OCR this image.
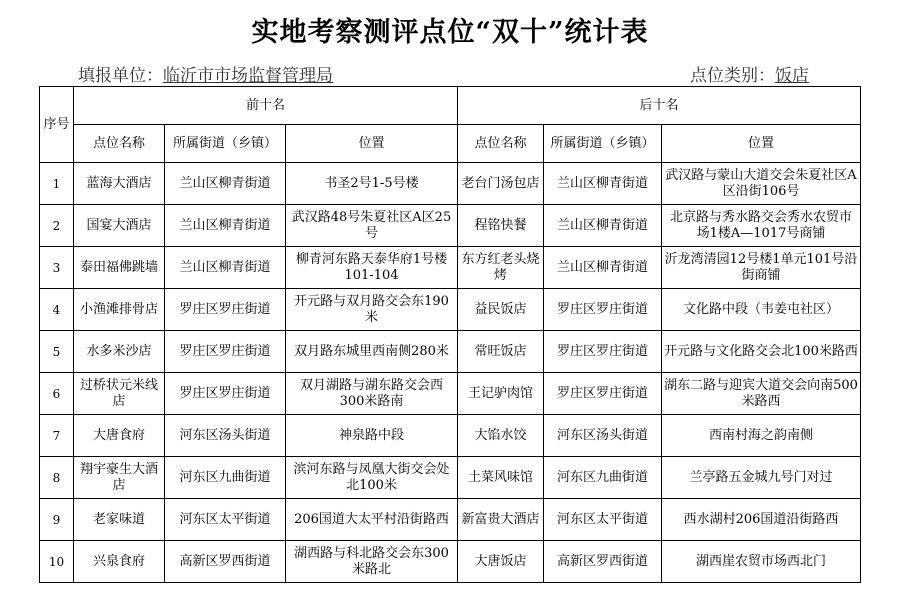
实地考察测评点位“双十”统计表
填报单位：临沂市市场监督管理局	点位类别：饭店
序号	前十名			后十名		
	点位名称	所属街道（乡镇）	位置	点位名称	所属街道（乡镇）	位置
1	蓝海大酒店	兰山区柳青街道	书圣2号1-5号楼	老台门汤包店	兰山区柳青街道	武汉路与蒙山大道交会朱夏社区A区沿街106号
2	国宴大酒店	兰山区柳青街道	武汉路48号朱夏社区A区25号	程铭快餐	兰山区柳青街道	北京路与秀水路交会秀水农贸市场1楼A—1017号商铺
3	泰田福佛跳墙	兰山区柳青街道	柳青河东路天泰华府1号楼101-104	东方红老头烧烤	兰山区柳青街道	沂龙湾清园12号楼1单元101号沿街商铺
4	小渔滩排骨店	罗庄区罗庄街道	开元路与双月路交会东190米	益民饭店	罗庄区罗庄街道	文化路中段（韦姜屯社区）
5	水多米沙店	罗庄区罗庄街道	双月路东城里西南侧280米	常旺饭店	罗庄区罗庄街道	开元路与文化路交会北100米路西
6	过桥状元米线店	罗庄区罗庄街道	双月湖路与湖东路交会西300米路南	王记驴肉馆	罗庄区罗庄街道	湖东二路与迎宾大道交会向南500米路西
7	大唐食府	河东区汤头街道	神泉路中段	大馅水饺	河东区汤头街道	西南村海之韵南侧
8	翔宇豪生大酒店	河东区九曲街道	滨河东路与凤凰大街交会处北100米	土菜风味馆	河东区九曲街道	兰亭路五金城九号门对过
9	老家味道	河东区太平街道	206国道大太平村沿街路西	新富贵大酒店	河东区太平街道	西水湖村206国道沿街路西
10	兴泉食府	高新区罗西街道	湖西路与科北路交会东300米路北	大唐饭店	高新区罗西街道	湖西崖农贸市场西北门
